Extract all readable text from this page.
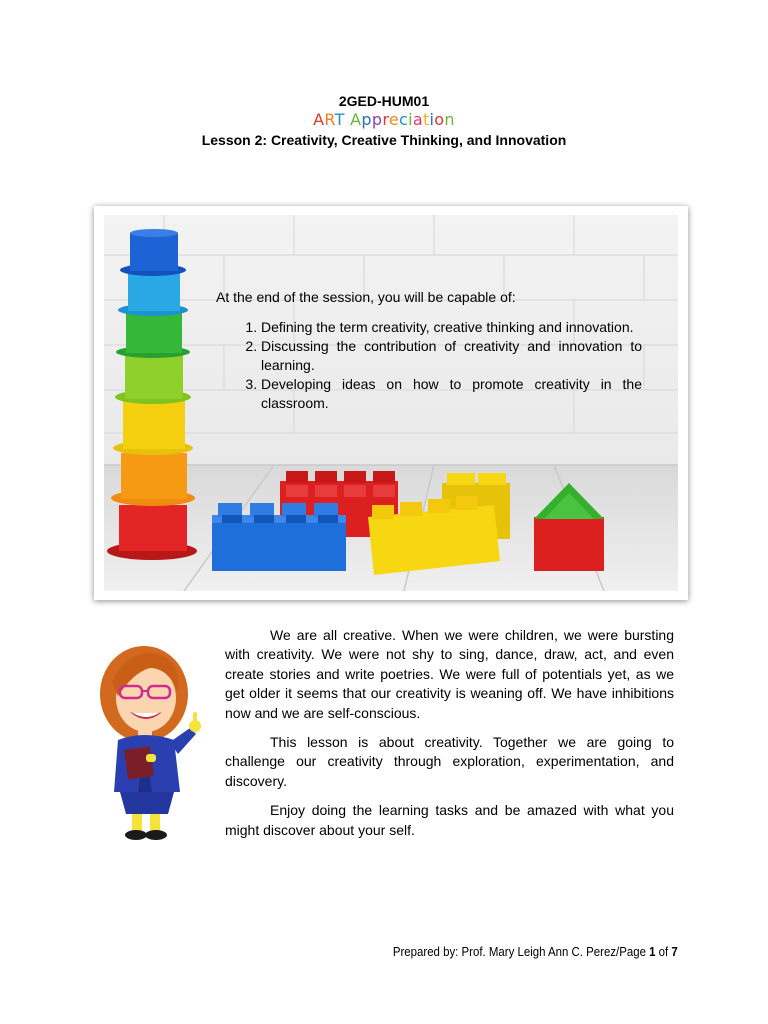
2GED-HUM01
ART Appreciation
Lesson 2: Creativity, Creative Thinking, and Innovation

At the end of the session, you will be capable of:

1. Defining the term creativity, creative thinking and innovation.
2. Discussing the contribution of creativity and innovation to learning.
3. Developing ideas on how to promote creativity in the classroom.

We are all creative. When we were children, we were bursting with creativity. We were not shy to sing, dance, draw, act, and even create stories and write poetries. We were full of potentials yet, as we get older it seems that our creativity is weaning off. We have inhibitions now and we are self-conscious.

This lesson is about creativity. Together we are going to challenge our creativity through exploration, experimentation, and discovery.

Enjoy doing the learning tasks and be amazed with what you might discover about your self.

Prepared by: Prof. Mary Leigh Ann C. Perez/Page 1 of 7
